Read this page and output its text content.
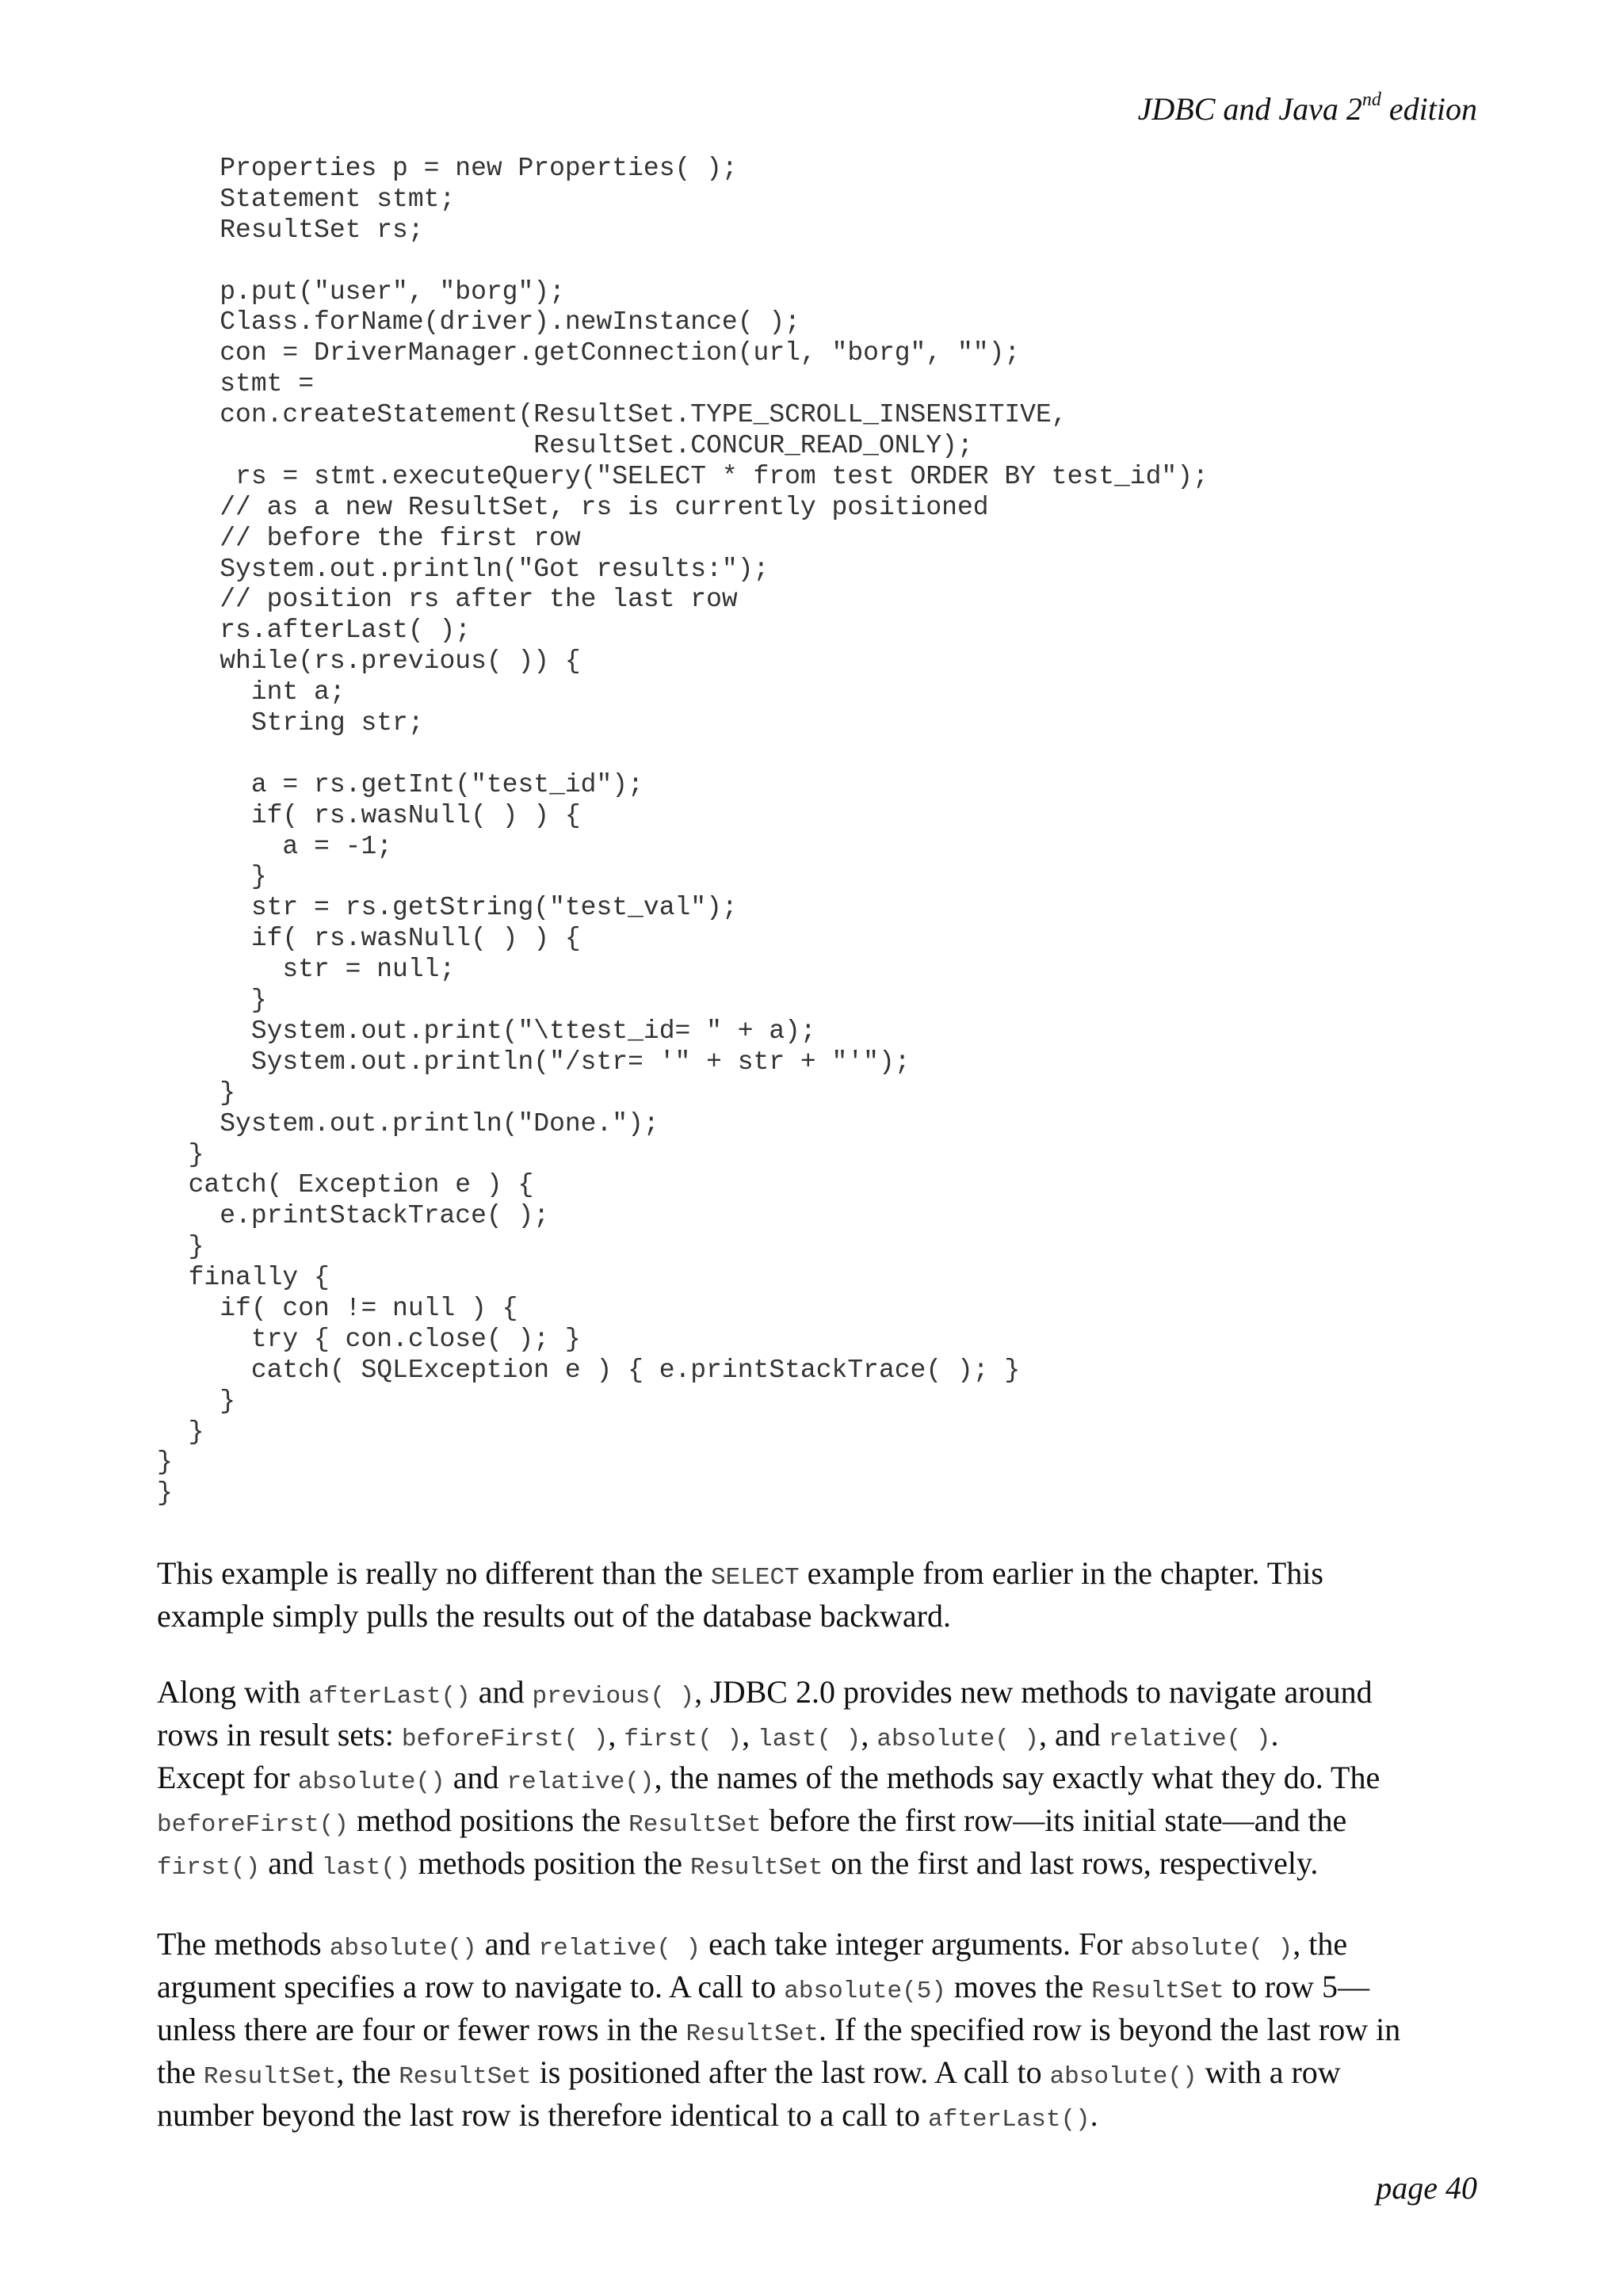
JDBC and Java 2nd edition
Properties p = new Properties( );
Statement stmt;
ResultSet rs;
p.put("user", "borg");
Class.forName(driver).newInstance( );
con = DriverManager.getConnection(url, "borg", "");
stmt =
con.createStatement(ResultSet.TYPE_SCROLL_INSENSITIVE,
ResultSet.CONCUR_READ_ONLY);
rs = stmt.executeQuery("SELECT * from test ORDER BY test_id");
// as a new ResultSet, rs is currently positioned
// before the first row
System.out.println("Got results:");
// position rs after the last row
rs.afterLast( );
while(rs.previous( )) {
int a;
String str;
a = rs.getInt("test_id");
if( rs.wasNull( ) ) {
a = -1;
}
str = rs.getString("test_val");
if( rs.wasNull( ) ) {
str = null;
}
System.out.print("\ttest_id= " + a);
System.out.println("/str= '" + str + "'");
}
System.out.println("Done.");
}
catch( Exception e ) {
e.printStackTrace( );
}
finally {
if( con != null ) {
try { con.close( ); }
catch( SQLException e ) { e.printStackTrace( ); }
}
}
}
}

This example is really no different than the SELECT example from earlier in the chapter. This
example simply pulls the results out of the database backward.

Along with afterLast() and previous( ), JDBC 2.0 provides new methods to navigate around
rows in result sets: beforeFirst( ), first( ), last( ), absolute( ), and relative( ).
Except for absolute() and relative(), the names of the methods say exactly what they do. The
beforeFirst() method positions the ResultSet before the first row—its initial state—and the
first() and last() methods position the ResultSet on the first and last rows, respectively.

The methods absolute() and relative( ) each take integer arguments. For absolute( ), the
argument specifies a row to navigate to. A call to absolute(5) moves the ResultSet to row 5—
unless there are four or fewer rows in the ResultSet. If the specified row is beyond the last row in
the ResultSet, the ResultSet is positioned after the last row. A call to absolute() with a row
number beyond the last row is therefore identical to a call to afterLast().

page 40
